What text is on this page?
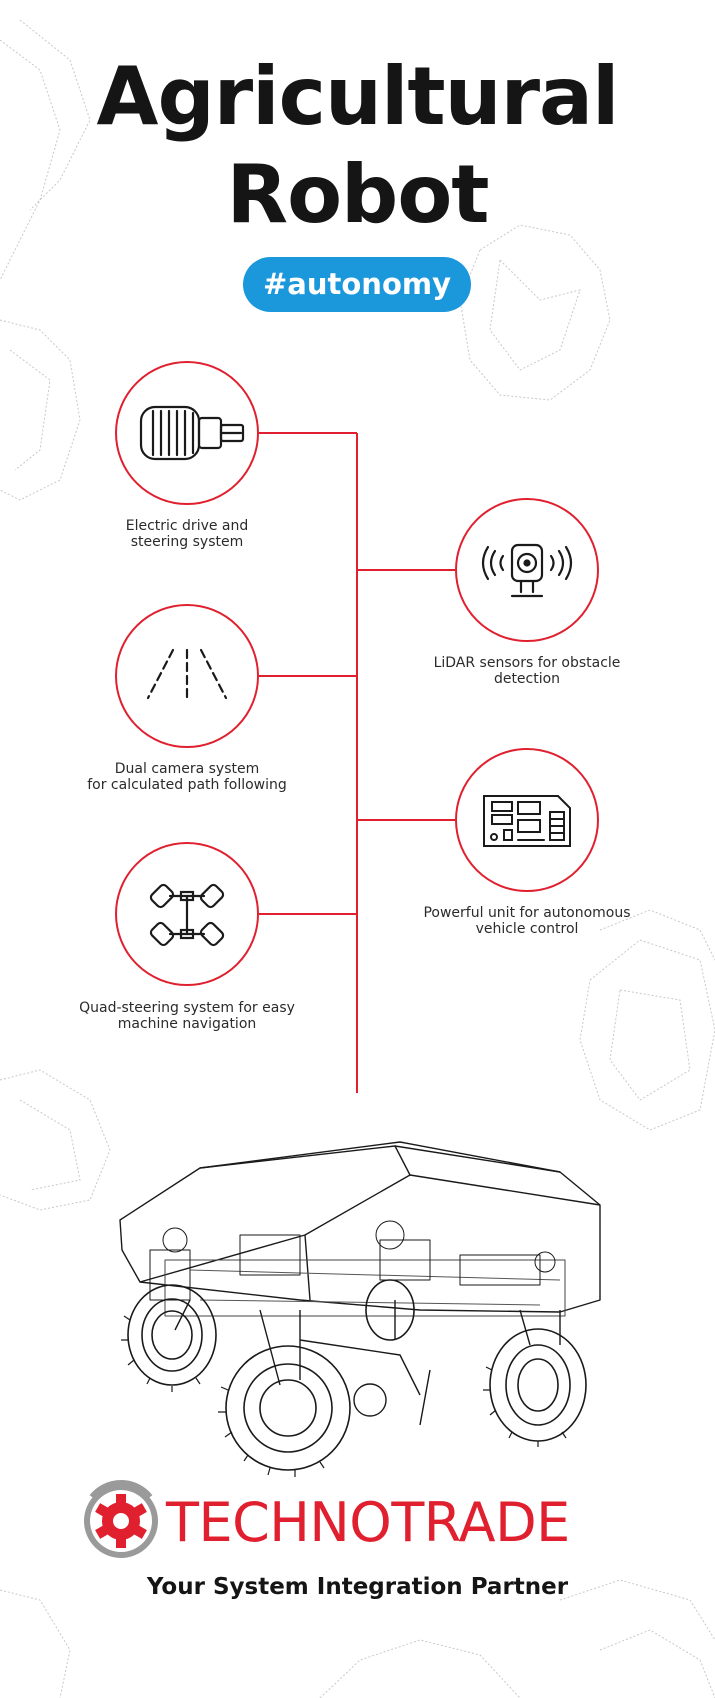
Agricultural
Robot
#autonomy
Electric drive and
steering system
LiDAR sensors for obstacle
detection
Dual camera system
for calculated path following
Powerful unit for autonomous
vehicle control
Quad-steering system for easy
machine navigation
TECHNOTRADE
Your System Integration Partner
